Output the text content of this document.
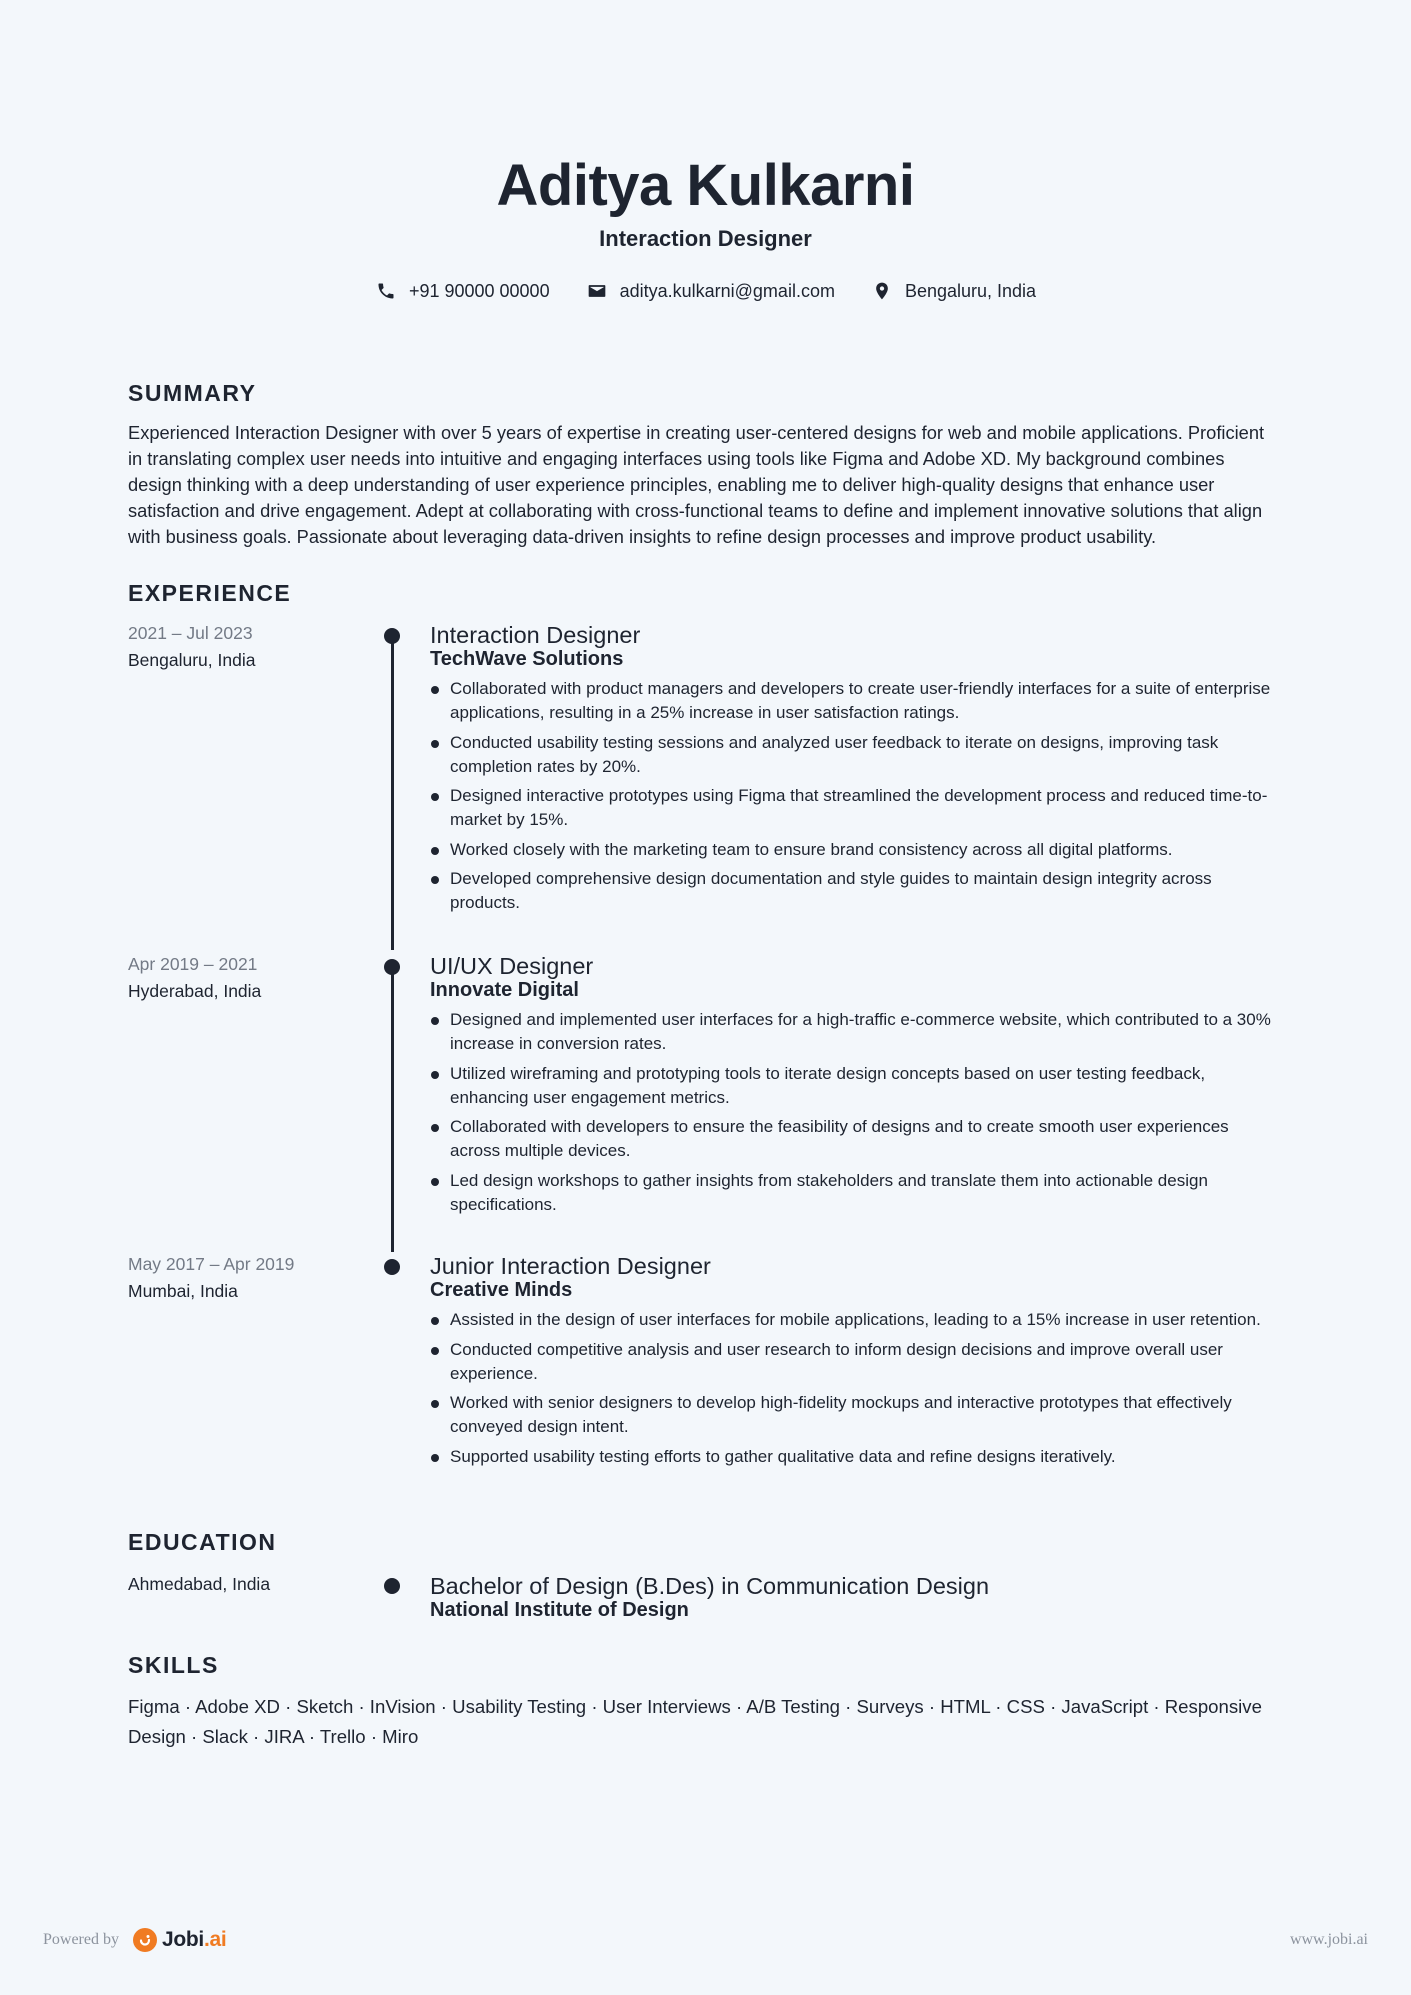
Aditya Kulkarni
Interaction Designer
+91 90000 00000	aditya.kulkarni@gmail.com	Bengaluru, India
SUMMARY
Experienced Interaction Designer with over 5 years of expertise in creating user-centered designs for web and mobile applications. Proficient in translating complex user needs into intuitive and engaging interfaces using tools like Figma and Adobe XD. My background combines design thinking with a deep understanding of user experience principles, enabling me to deliver high-quality designs that enhance user satisfaction and drive engagement. Adept at collaborating with cross-functional teams to define and implement innovative solutions that align with business goals. Passionate about leveraging data-driven insights to refine design processes and improve product usability.
EXPERIENCE
2021 – Jul 2023
Bengaluru, India
Interaction Designer
TechWave Solutions
Collaborated with product managers and developers to create user-friendly interfaces for a suite of enterprise applications, resulting in a 25% increase in user satisfaction ratings.
Conducted usability testing sessions and analyzed user feedback to iterate on designs, improving task completion rates by 20%.
Designed interactive prototypes using Figma that streamlined the development process and reduced time-to-market by 15%.
Worked closely with the marketing team to ensure brand consistency across all digital platforms.
Developed comprehensive design documentation and style guides to maintain design integrity across products.
Apr 2019 – 2021
Hyderabad, India
UI/UX Designer
Innovate Digital
Designed and implemented user interfaces for a high-traffic e-commerce website, which contributed to a 30% increase in conversion rates.
Utilized wireframing and prototyping tools to iterate design concepts based on user testing feedback, enhancing user engagement metrics.
Collaborated with developers to ensure the feasibility of designs and to create smooth user experiences across multiple devices.
Led design workshops to gather insights from stakeholders and translate them into actionable design specifications.
May 2017 – Apr 2019
Mumbai, India
Junior Interaction Designer
Creative Minds
Assisted in the design of user interfaces for mobile applications, leading to a 15% increase in user retention.
Conducted competitive analysis and user research to inform design decisions and improve overall user experience.
Worked with senior designers to develop high-fidelity mockups and interactive prototypes that effectively conveyed design intent.
Supported usability testing efforts to gather qualitative data and refine designs iteratively.
EDUCATION
Ahmedabad, India	Bachelor of Design (B.Des) in Communication Design
National Institute of Design
SKILLS
Figma · Adobe XD · Sketch · InVision · Usability Testing · User Interviews · A/B Testing · Surveys · HTML · CSS · JavaScript · Responsive Design · Slack · JIRA · Trello · Miro
Powered by Jobi.ai	www.jobi.ai
